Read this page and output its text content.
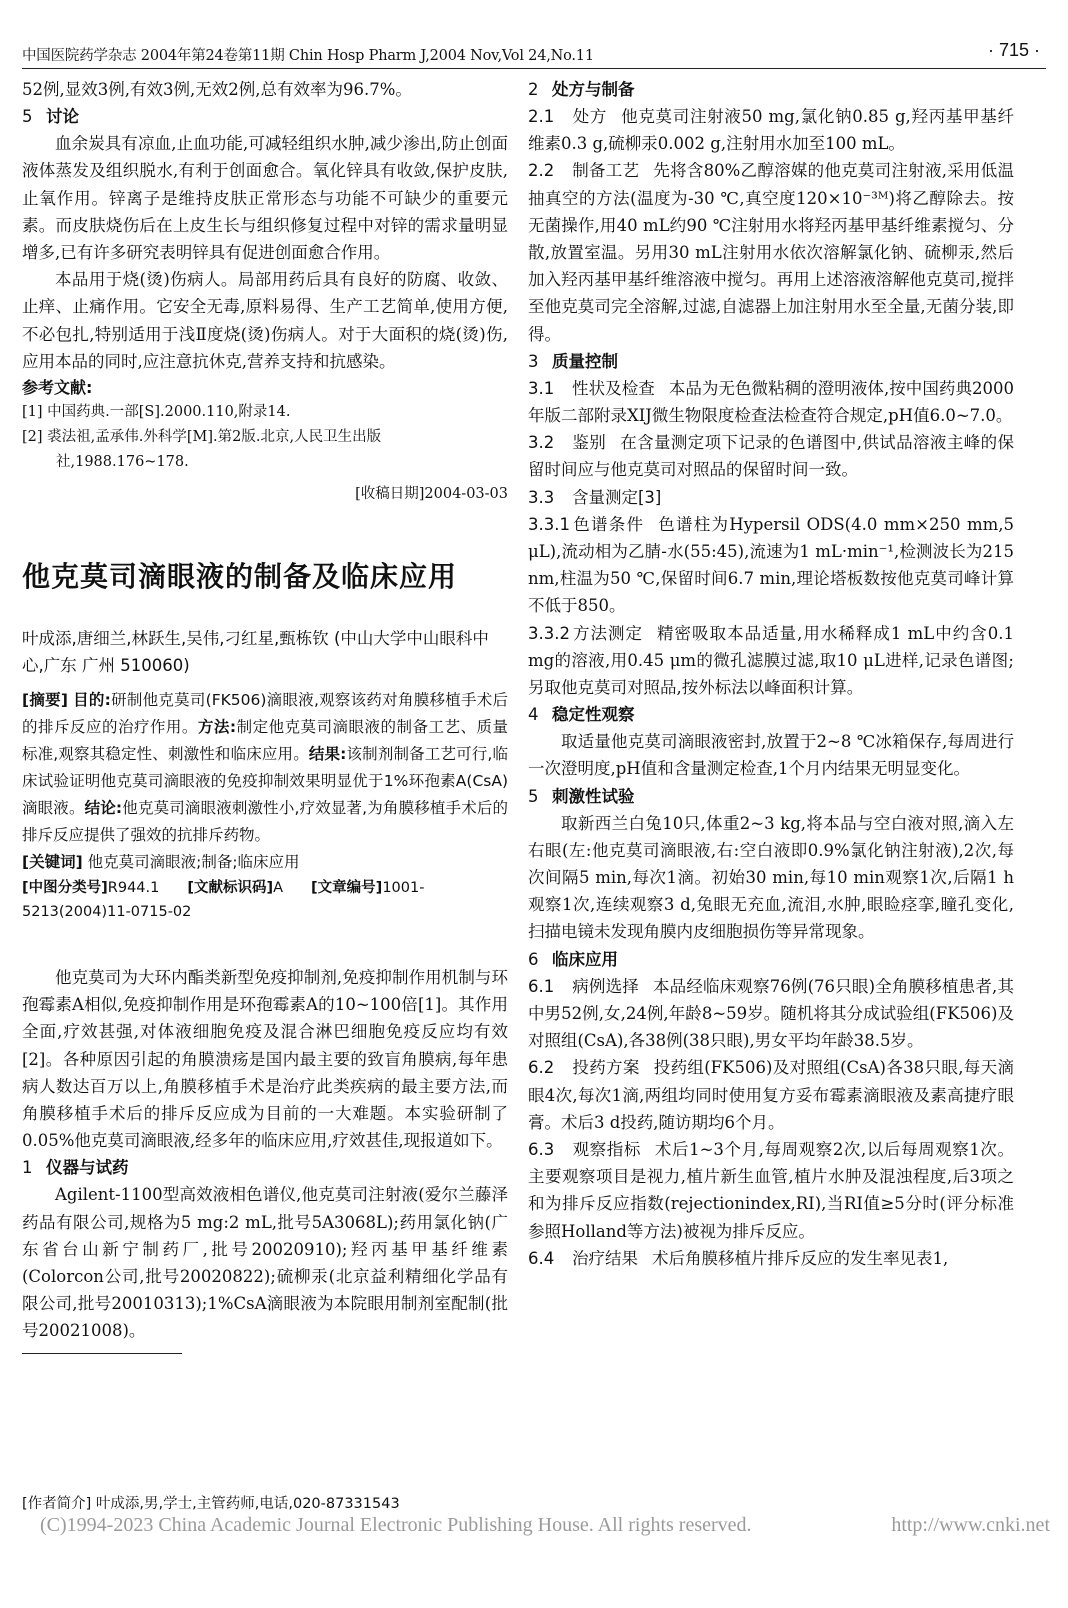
中国医院药学杂志 2004年第24卷第11期 Chin Hosp Pharm J,2004 Nov,Vol 24,No.11	· 715 ·

52例,显效3例,有效3例,无效2例,总有效率为96.7%。

5 讨论

血余炭具有凉血,止血功能,可减轻组织水肿,减少渗出,防止创面液体蒸发及组织脱水,有利于创面愈合。氧化锌具有收敛,保护皮肤,止氧作用。锌离子是维持皮肤正常形态与功能不可缺少的重要元素。而皮肤烧伤后在上皮生长与组织修复过程中对锌的需求量明显增多,已有许多研究表明锌具有促进创面愈合作用。

本品用于烧(烫)伤病人。局部用药后具有良好的防腐、收敛、止痒、止痛作用。它安全无毒,原料易得、生产工艺简单,使用方便,不必包扎,特别适用于浅Ⅱ度烧(烫)伤病人。对于大面积的烧(烫)伤,应用本品的同时,应注意抗休克,营养支持和抗感染。

参考文献:

[1] 中国药典.一部[S].2000.110,附录14.

[2] 裘法祖,孟承伟.外科学[M].第2版.北京,人民卫生出版社,1988.176~178.

[收稿日期]2004-03-03

他克莫司滴眼液的制备及临床应用

叶成添,唐细兰,林跃生,吴伟,刁红星,甄栋钦 (中山大学中山眼科中心,广东 广州 510060)

[摘要] 目的:研制他克莫司(FK506)滴眼液,观察该药对角膜移植手术后的排斥反应的治疗作用。方法:制定他克莫司滴眼液的制备工艺、质量标准,观察其稳定性、刺激性和临床应用。结果:该制剂制备工艺可行,临床试验证明他克莫司滴眼液的免疫抑制效果明显优于1%环孢素A(CsA)滴眼液。结论:他克莫司滴眼液刺激性小,疗效显著,为角膜移植手术后的排斥反应提供了强效的抗排斥药物。

[关键词] 他克莫司滴眼液;制备;临床应用

[中图分类号]R944.1 [文献标识码]A [文章编号]1001-5213(2004)11-0715-02

他克莫司为大环内酯类新型免疫抑制剂,免疫抑制作用机制与环孢霉素A相似,免疫抑制作用是环孢霉素A的10~100倍[1]。其作用全面,疗效甚强,对体液细胞免疫及混合淋巴细胞免疫反应均有效[2]。各种原因引起的角膜溃疡是国内最主要的致盲角膜病,每年患病人数达百万以上,角膜移植手术是治疗此类疾病的最主要方法,而角膜移植手术后的排斥反应成为目前的一大难题。本实验研制了0.05%他克莫司滴眼液,经多年的临床应用,疗效甚佳,现报道如下。

1 仪器与试药

Agilent-1100型高效液相色谱仪,他克莫司注射液(爱尔兰藤泽药品有限公司,规格为5 mg:2 mL,批号5A3068L);药用氯化钠(广东省台山新宁制药厂,批号20020910);羟丙基甲基纤维素(Colorcon公司,批号20020822);硫柳汞(北京益利精细化学品有限公司,批号20010313);1%CsA滴眼液为本院眼用制剂室配制(批号20021008)。

2 处方与制备

2.1 处方 他克莫司注射液50 mg,氯化钠0.85 g,羟丙基甲基纤维素0.3 g,硫柳汞0.002 g,注射用水加至100 mL。

2.2 制备工艺 先将含80%乙醇溶媒的他克莫司注射液,采用低温抽真空的方法(温度为-30 ℃,真空度120×10⁻³ᴹ)将乙醇除去。按无菌操作,用40 mL约90 ℃注射用水将羟丙基甲基纤维素搅匀、分散,放置室温。另用30 mL注射用水依次溶解氯化钠、硫柳汞,然后加入羟丙基甲基纤维溶液中搅匀。再用上述溶液溶解他克莫司,搅拌至他克莫司完全溶解,过滤,自滤器上加注射用水至全量,无菌分装,即得。

3 质量控制

3.1 性状及检查 本品为无色微粘稠的澄明液体,按中国药典2000年版二部附录XIJ微生物限度检查法检查符合规定,pH值6.0~7.0。

3.2 鉴别 在含量测定项下记录的色谱图中,供试品溶液主峰的保留时间应与他克莫司对照品的保留时间一致。

3.3 含量测定[3]

3.3.1 色谱条件 色谱柱为Hypersil ODS(4.0 mm×250 mm,5 μL),流动相为乙腈-水(55:45),流速为1 mL·min⁻¹,检测波长为215 nm,柱温为50 ℃,保留时间6.7 min,理论塔板数按他克莫司峰计算不低于850。

3.3.2 方法测定 精密吸取本品适量,用水稀释成1 mL中约含0.1 mg的溶液,用0.45 μm的微孔滤膜过滤,取10 μL进样,记录色谱图;另取他克莫司对照品,按外标法以峰面积计算。

4 稳定性观察

取适量他克莫司滴眼液密封,放置于2~8 ℃冰箱保存,每周进行一次澄明度,pH值和含量测定检查,1个月内结果无明显变化。

5 刺激性试验

取新西兰白兔10只,体重2~3 kg,将本品与空白液对照,滴入左右眼(左:他克莫司滴眼液,右:空白液即0.9%氯化钠注射液),2次,每次间隔5 min,每次1滴。初始30 min,每10 min观察1次,后隔1 h观察1次,连续观察3 d,兔眼无充血,流泪,水肿,眼睑痉挛,瞳孔变化,扫描电镜未发现角膜内皮细胞损伤等异常现象。

6 临床应用

6.1 病例选择 本品经临床观察76例(76只眼)全角膜移植患者,其中男52例,女,24例,年龄8~59岁。随机将其分成试验组(FK506)及对照组(CsA),各38例(38只眼),男女平均年龄38.5岁。

6.2 投药方案 投药组(FK506)及对照组(CsA)各38只眼,每天滴眼4次,每次1滴,两组均同时使用复方妥布霉素滴眼液及素高捷疗眼膏。术后3 d投药,随访期均6个月。

6.3 观察指标 术后1~3个月,每周观察2次,以后每周观察1次。主要观察项目是视力,植片新生血管,植片水肿及混浊程度,后3项之和为排斥反应指数(rejectionindex,RI),当RI值≥5分时(评分标准参照Holland等方法)被视为排斥反应。

6.4 治疗结果 术后角膜移植片排斥反应的发生率见表1,

[作者简介] 叶成添,男,学士,主管药师,电话,020-87331543
(C)1994-2023 China Academic Journal Electronic Publishing House. All rights reserved.	http://www.cnki.net
